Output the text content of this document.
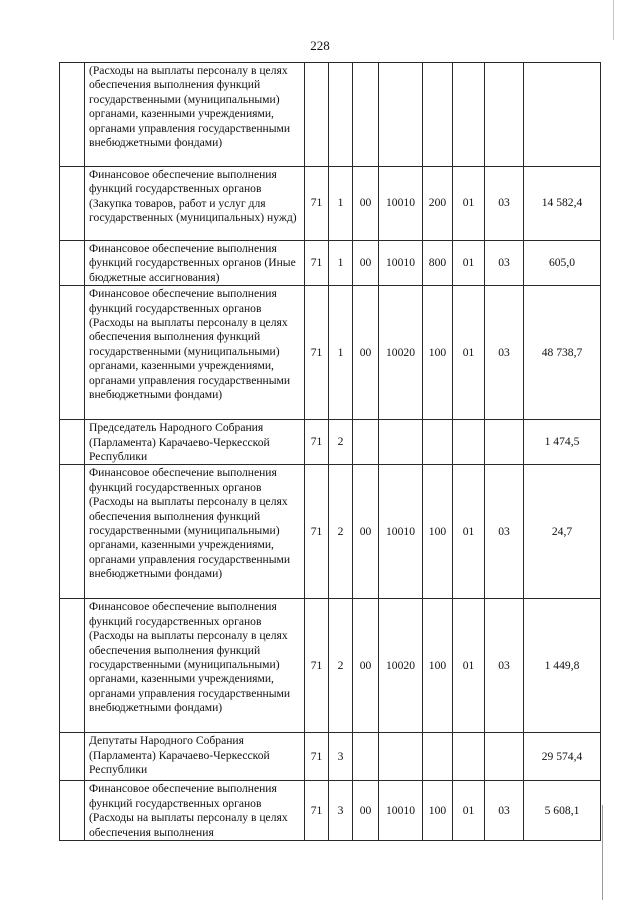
228
	(Расходы на выплаты персоналу в целях обеспечения выполнения функций государственными (муниципальными) органами, казенными учреждениями, органами управления государственными внебюджетными фондами)								
	Финансовое обеспечение выполнения функций государственных органов (Закупка товаров, работ и услуг для государственных (муниципальных) нужд)	71	1	00	10010	200	01	03	14 582,4
	Финансовое обеспечение выполнения функций государственных органов (Иные бюджетные ассигнования)	71	1	00	10010	800	01	03	605,0
	Финансовое обеспечение выполнения функций государственных органов (Расходы на выплаты персоналу в целях обеспечения выполнения функций государственными (муниципальными) органами, казенными учреждениями, органами управления государственными внебюджетными фондами)	71	1	00	10020	100	01	03	48 738,7
	Председатель Народного Собрания (Парламента) Карачаево-Черкесской Республики	71	2						1 474,5
	Финансовое обеспечение выполнения функций государственных органов (Расходы на выплаты персоналу в целях обеспечения выполнения функций государственными (муниципальными) органами, казенными учреждениями, органами управления государственными внебюджетными фондами)	71	2	00	10010	100	01	03	24,7
	Финансовое обеспечение выполнения функций государственных органов (Расходы на выплаты персоналу в целях обеспечения выполнения функций государственными (муниципальными) органами, казенными учреждениями, органами управления государственными внебюджетными фондами)	71	2	00	10020	100	01	03	1 449,8
	Депутаты Народного Собрания (Парламента) Карачаево-Черкесской Республики	71	3						29 574,4
	Финансовое обеспечение выполнения функций государственных органов (Расходы на выплаты персоналу в целях обеспечения выполнения	71	3	00	10010	100	01	03	5 608,1
